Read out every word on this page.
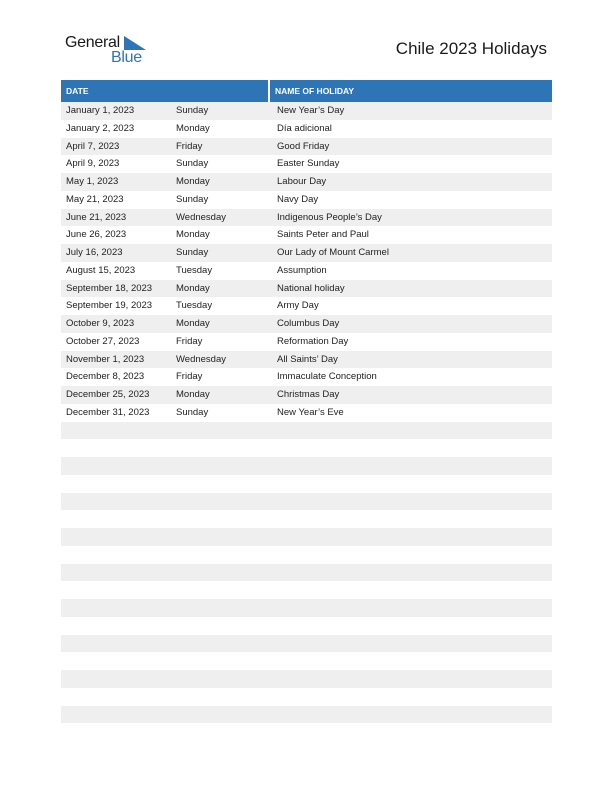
General
Blue	Chile 2023 Holidays
DATE	NAME OF HOLIDAY
January 1, 2023	Sunday	New Year’s Day
January 2, 2023	Monday	Día adicional
April 7, 2023	Friday	Good Friday
April 9, 2023	Sunday	Easter Sunday
May 1, 2023	Monday	Labour Day
May 21, 2023	Sunday	Navy Day
June 21, 2023	Wednesday	Indigenous People’s Day
June 26, 2023	Monday	Saints Peter and Paul
July 16, 2023	Sunday	Our Lady of Mount Carmel
August 15, 2023	Tuesday	Assumption
September 18, 2023	Monday	National holiday
September 19, 2023	Tuesday	Army Day
October 9, 2023	Monday	Columbus Day
October 27, 2023	Friday	Reformation Day
November 1, 2023	Wednesday	All Saints’ Day
December 8, 2023	Friday	Immaculate Conception
December 25, 2023	Monday	Christmas Day
December 31, 2023	Sunday	New Year’s Eve
